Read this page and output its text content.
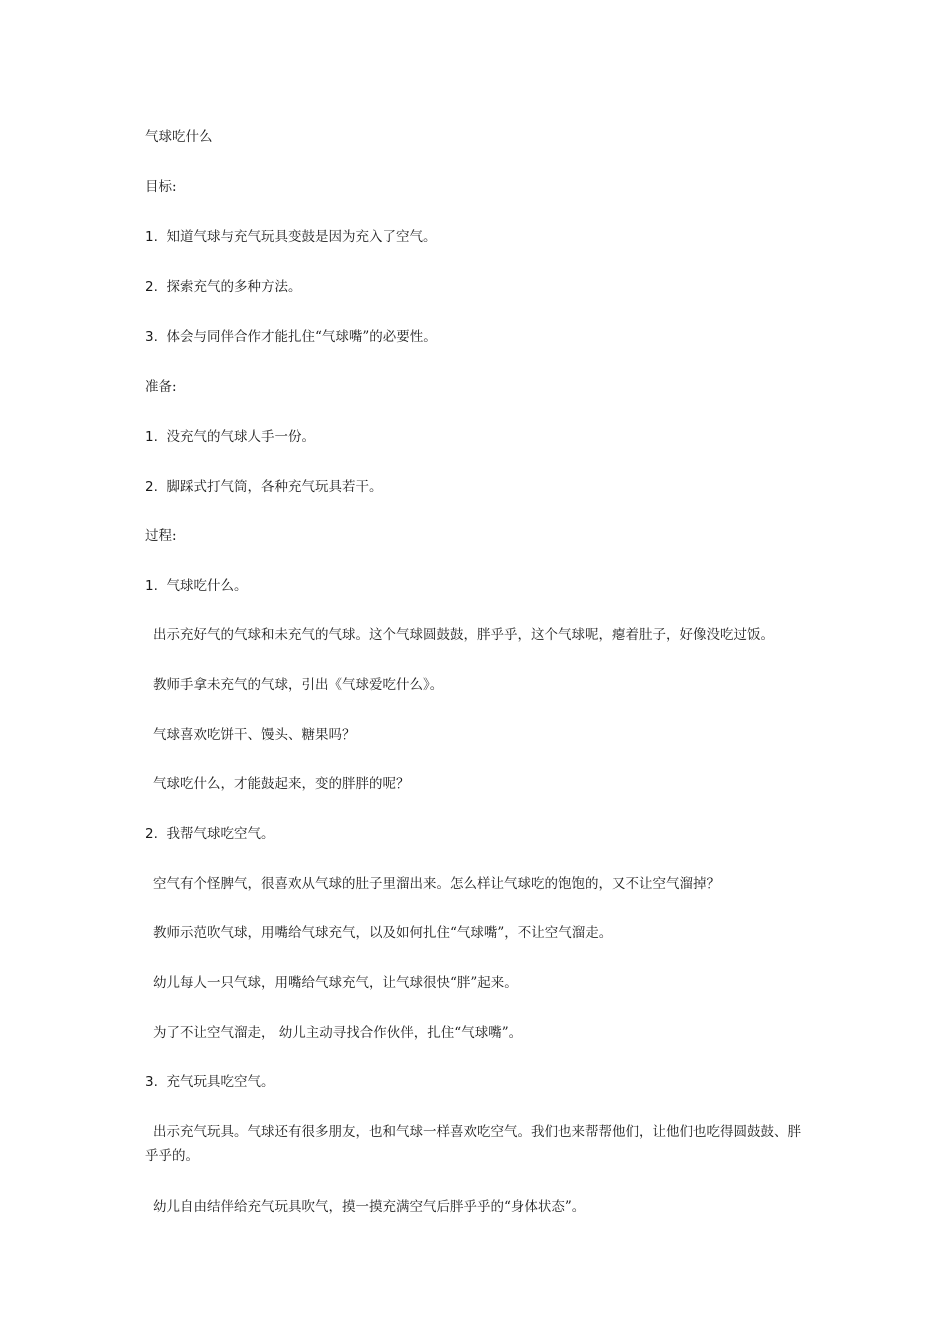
气球吃什么
目标:
1. 知道气球与充气玩具变鼓是因为充入了空气。
2. 探索充气的多种方法。
3. 体会与同伴合作才能扎住“气球嘴”的必要性。
准备:
1. 没充气的气球人手一份。
2. 脚踩式打气筒，各种充气玩具若干。
过程:
1. 气球吃什么。
出示充好气的气球和未充气的气球。这个气球圆鼓鼓，胖乎乎，这个气球呢，瘪着肚子，好像没吃过饭。
教师手拿未充气的气球，引出《气球爱吃什么》。
气球喜欢吃饼干、馒头、糖果吗？
气球吃什么，才能鼓起来，变的胖胖的呢？
2. 我帮气球吃空气。
空气有个怪脾气，很喜欢从气球的肚子里溜出来。怎么样让气球吃的饱饱的，又不让空气溜掉？
教师示范吹气球，用嘴给气球充气，以及如何扎住“气球嘴”，不让空气溜走。
幼儿每人一只气球，用嘴给气球充气，让气球很快“胖”起来。
为了不让空气溜走， 幼儿主动寻找合作伙伴，扎住“气球嘴”。
3. 充气玩具吃空气。
出示充气玩具。气球还有很多朋友，也和气球一样喜欢吃空气。我们也来帮帮他们，让他们也吃得圆鼓鼓、胖乎乎的。
幼儿自由结伴给充气玩具吹气，摸一摸充满空气后胖乎乎的“身体状态”。
